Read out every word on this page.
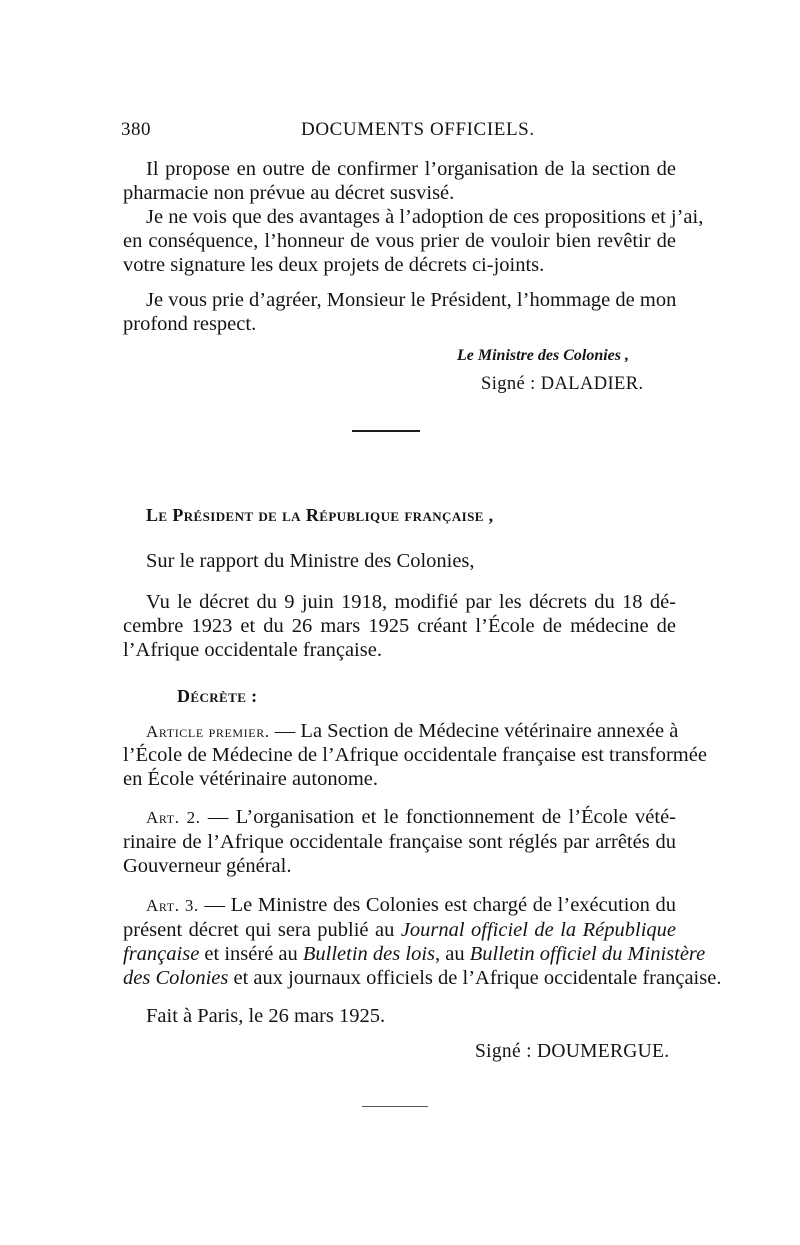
380	DOCUMENTS OFFICIELS.
Il propose en outre de confirmer l’organisation de la section de
pharmacie non prévue au décret susvisé.
Je ne vois que des avantages à l’adoption de ces propositions et j’ai,
en conséquence, l’honneur de vous prier de vouloir bien revêtir de
votre signature les deux projets de décrets ci-joints.
Je vous prie d’agréer, Monsieur le Président, l’hommage de mon
profond respect.
Le Ministre des Colonies ,
Signé : DALADIER.
Le Président de la République française ,
Sur le rapport du Ministre des Colonies,
Vu le décret du 9 juin 1918, modifié par les décrets du 18 dé-
cembre 1923 et du 26 mars 1925 créant l’École de médecine de
l’Afrique occidentale française.
Décrète :
Article premier. — La Section de Médecine vétérinaire annexée à
l’École de Médecine de l’Afrique occidentale française est transformée
en École vétérinaire autonome.
Art. 2. — L’organisation et le fonctionnement de l’École vété-
rinaire de l’Afrique occidentale française sont réglés par arrêtés du
Gouverneur général.
Art. 3. — Le Ministre des Colonies est chargé de l’exécution du
présent décret qui sera publié au Journal officiel de la République
française et inséré au Bulletin des lois, au Bulletin officiel du Ministère
des Colonies et aux journaux officiels de l’Afrique occidentale française.
Fait à Paris, le 26 mars 1925.
Signé : DOUMERGUE.
